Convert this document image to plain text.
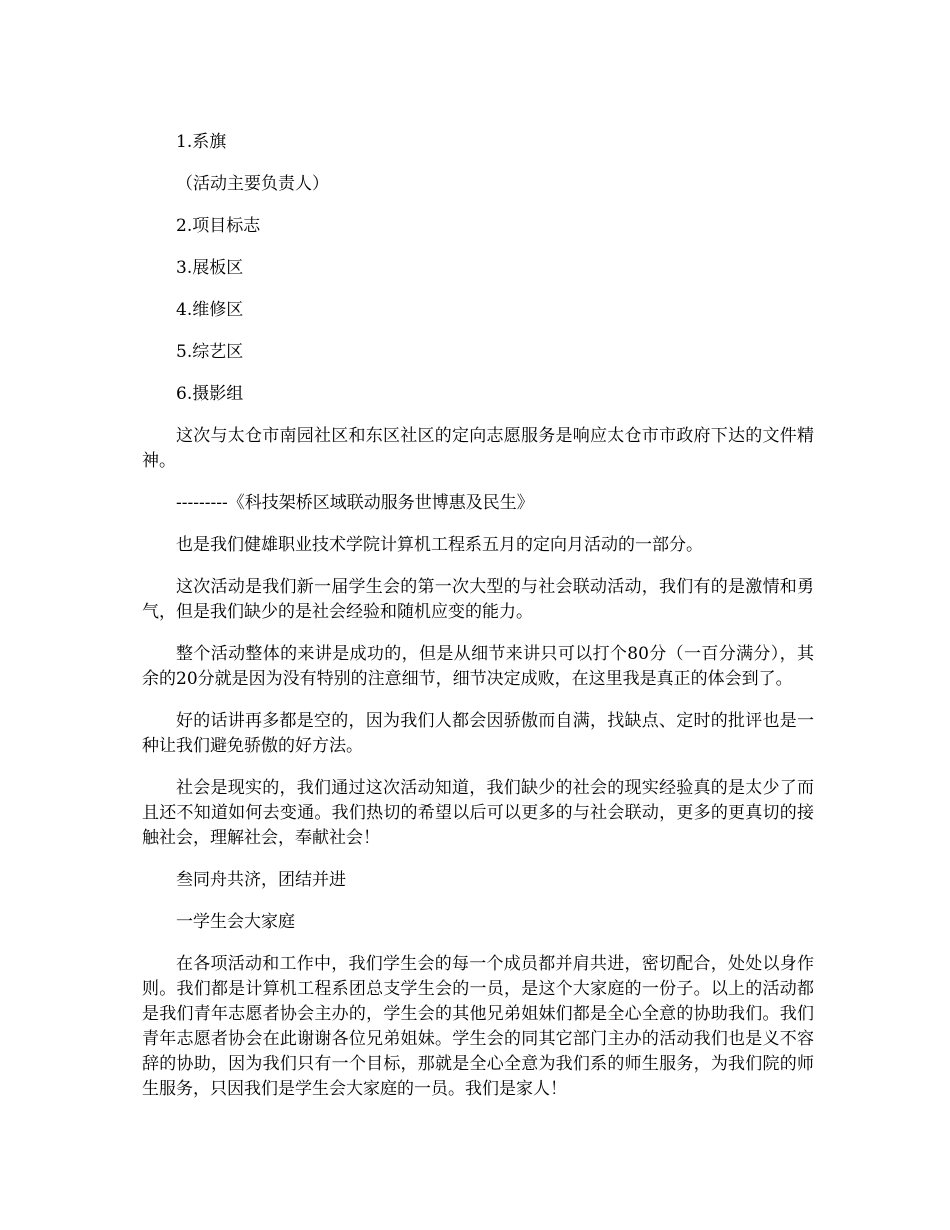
1.系旗

（活动主要负责人）

2.项目标志

3.展板区

4.维修区

5.综艺区

6.摄影组

这次与太仓市南园社区和东区社区的定向志愿服务是响应太仓市市政府下达的文件精神。

---------《科技架桥区域联动服务世博惠及民生》

也是我们健雄职业技术学院计算机工程系五月的定向月活动的一部分。

这次活动是我们新一届学生会的第一次大型的与社会联动活动，我们有的是激情和勇气，但是我们缺少的是社会经验和随机应变的能力。

整个活动整体的来讲是成功的，但是从细节来讲只可以打个80分（一百分满分），其余的20分就是因为没有特别的注意细节，细节决定成败，在这里我是真正的体会到了。

好的话讲再多都是空的，因为我们人都会因骄傲而自满，找缺点、定时的批评也是一种让我们避免骄傲的好方法。

社会是现实的，我们通过这次活动知道，我们缺少的社会的现实经验真的是太少了而且还不知道如何去变通。我们热切的希望以后可以更多的与社会联动，更多的更真切的接触社会，理解社会，奉献社会！

叁同舟共济，团结并进

一学生会大家庭

在各项活动和工作中，我们学生会的每一个成员都并肩共进，密切配合，处处以身作则。我们都是计算机工程系团总支学生会的一员，是这个大家庭的一份子。以上的活动都是我们青年志愿者协会主办的，学生会的其他兄弟姐妹们都是全心全意的协助我们。我们青年志愿者协会在此谢谢各位兄弟姐妹。学生会的同其它部门主办的活动我们也是义不容辞的协助，因为我们只有一个目标，那就是全心全意为我们系的师生服务，为我们院的师生服务，只因我们是学生会大家庭的一员。我们是家人！
